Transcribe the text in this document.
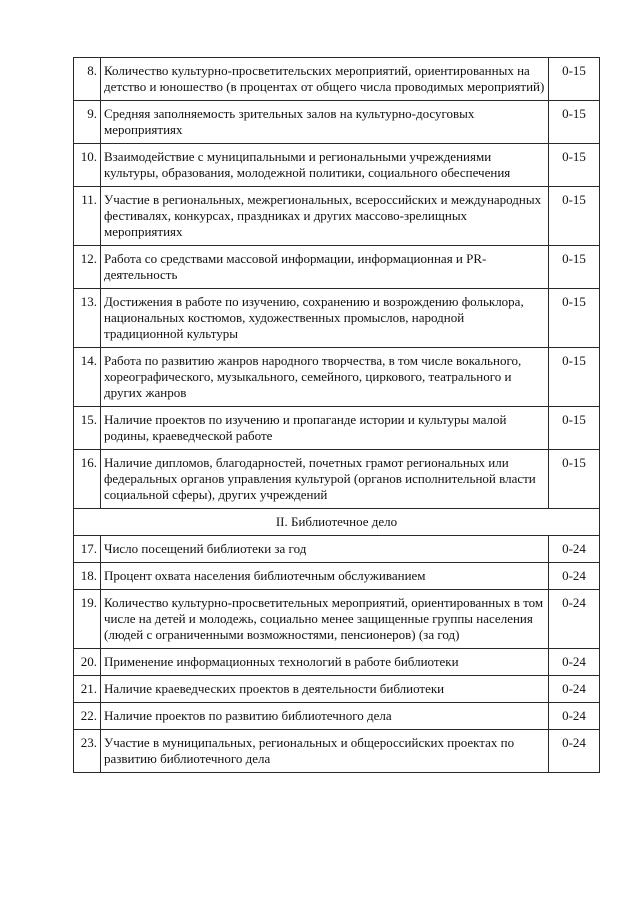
8.	Количество культурно-просветительских мероприятий, ориентированных на детство и юношество (в процентах от общего числа проводимых мероприятий)	0-15
9.	Средняя заполняемость зрительных залов на культурно-досуговых мероприятиях	0-15
10.	Взаимодействие с муниципальными и региональными учреждениями культуры, образования, молодежной политики, социального обеспечения	0-15
11.	Участие в региональных, межрегиональных, всероссийских и международных фестивалях, конкурсах, праздниках и других массово-зрелищных мероприятиях	0-15
12.	Работа со средствами массовой информации, информационная и PR-деятельность	0-15
13.	Достижения в работе по изучению, сохранению и возрождению фольклора, национальных костюмов, художественных промыслов, народной традиционной культуры	0-15
14.	Работа по развитию жанров народного творчества, в том числе вокального, хореографического, музыкального, семейного, циркового, театрального и других жанров	0-15
15.	Наличие проектов по изучению и пропаганде истории и культуры малой родины, краеведческой работе	0-15
16.	Наличие дипломов, благодарностей, почетных грамот региональных или федеральных органов управления культурой (органов исполнительной власти социальной сферы), других учреждений	0-15
II. Библиотечное дело		
17.	Число посещений библиотеки за год	0-24
18.	Процент охвата населения библиотечным обслуживанием	0-24
19.	Количество культурно-просветительных мероприятий, ориентированных в том числе на детей и молодежь, социально менее защищенные группы населения (людей с ограниченными возможностями, пенсионеров) (за год)	0-24
20.	Применение информационных технологий в работе библиотеки	0-24
21.	Наличие краеведческих проектов в деятельности библиотеки	0-24
22.	Наличие проектов по развитию библиотечного дела	0-24
23.	Участие в муниципальных, региональных и общероссийских проектах по развитию библиотечного дела	0-24
